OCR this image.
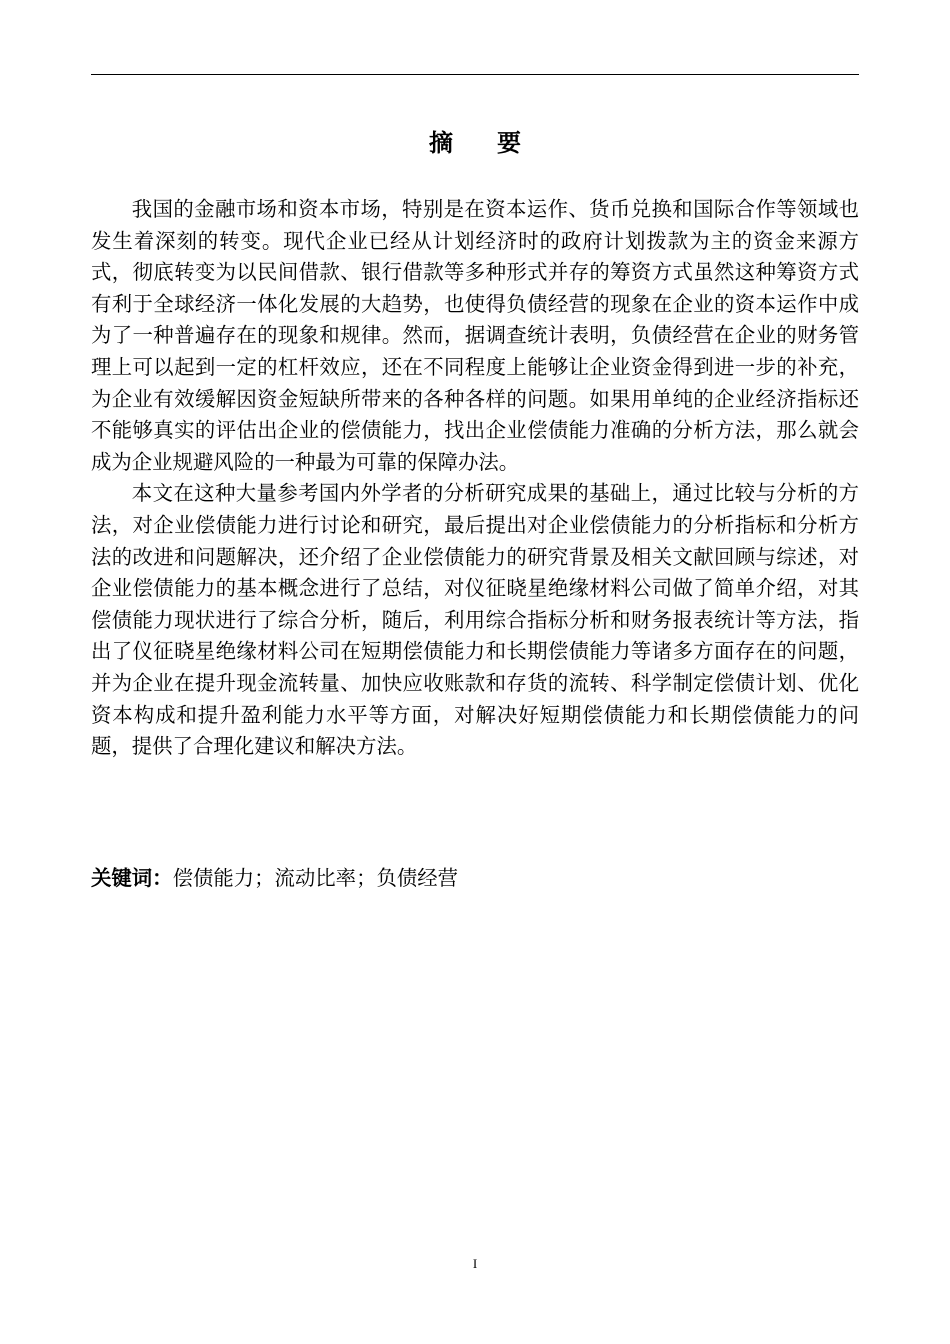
摘要

我国的金融市场和资本市场，特别是在资本运作、货币兑换和国际合作等领域也发生着深刻的转变。现代企业已经从计划经济时的政府计划拨款为主的资金来源方式，彻底转变为以民间借款、银行借款等多种形式并存的筹资方式虽然这种筹资方式有利于全球经济一体化发展的大趋势，也使得负债经营的现象在企业的资本运作中成为了一种普遍存在的现象和规律。然而，据调查统计表明，负债经营在企业的财务管理上可以起到一定的杠杆效应，还在不同程度上能够让企业资金得到进一步的补充，为企业有效缓解因资金短缺所带来的各种各样的问题。如果用单纯的企业经济指标还不能够真实的评估出企业的偿债能力，找出企业偿债能力准确的分析方法，那么就会成为企业规避风险的一种最为可靠的保障办法。

本文在这种大量参考国内外学者的分析研究成果的基础上，通过比较与分析的方法，对企业偿债能力进行讨论和研究，最后提出对企业偿债能力的分析指标和分析方法的改进和问题解决，还介绍了企业偿债能力的研究背景及相关文献回顾与综述，对企业偿债能力的基本概念进行了总结，对仪征晓星绝缘材料公司做了简单介绍，对其偿债能力现状进行了综合分析，随后，利用综合指标分析和财务报表统计等方法，指出了仪征晓星绝缘材料公司在短期偿债能力和长期偿债能力等诸多方面存在的问题，并为企业在提升现金流转量、加快应收账款和存货的流转、科学制定偿债计划、优化资本构成和提升盈利能力水平等方面，对解决好短期偿债能力和长期偿债能力的问题，提供了合理化建议和解决方法。

关键词：偿债能力；流动比率；负债经营
I
